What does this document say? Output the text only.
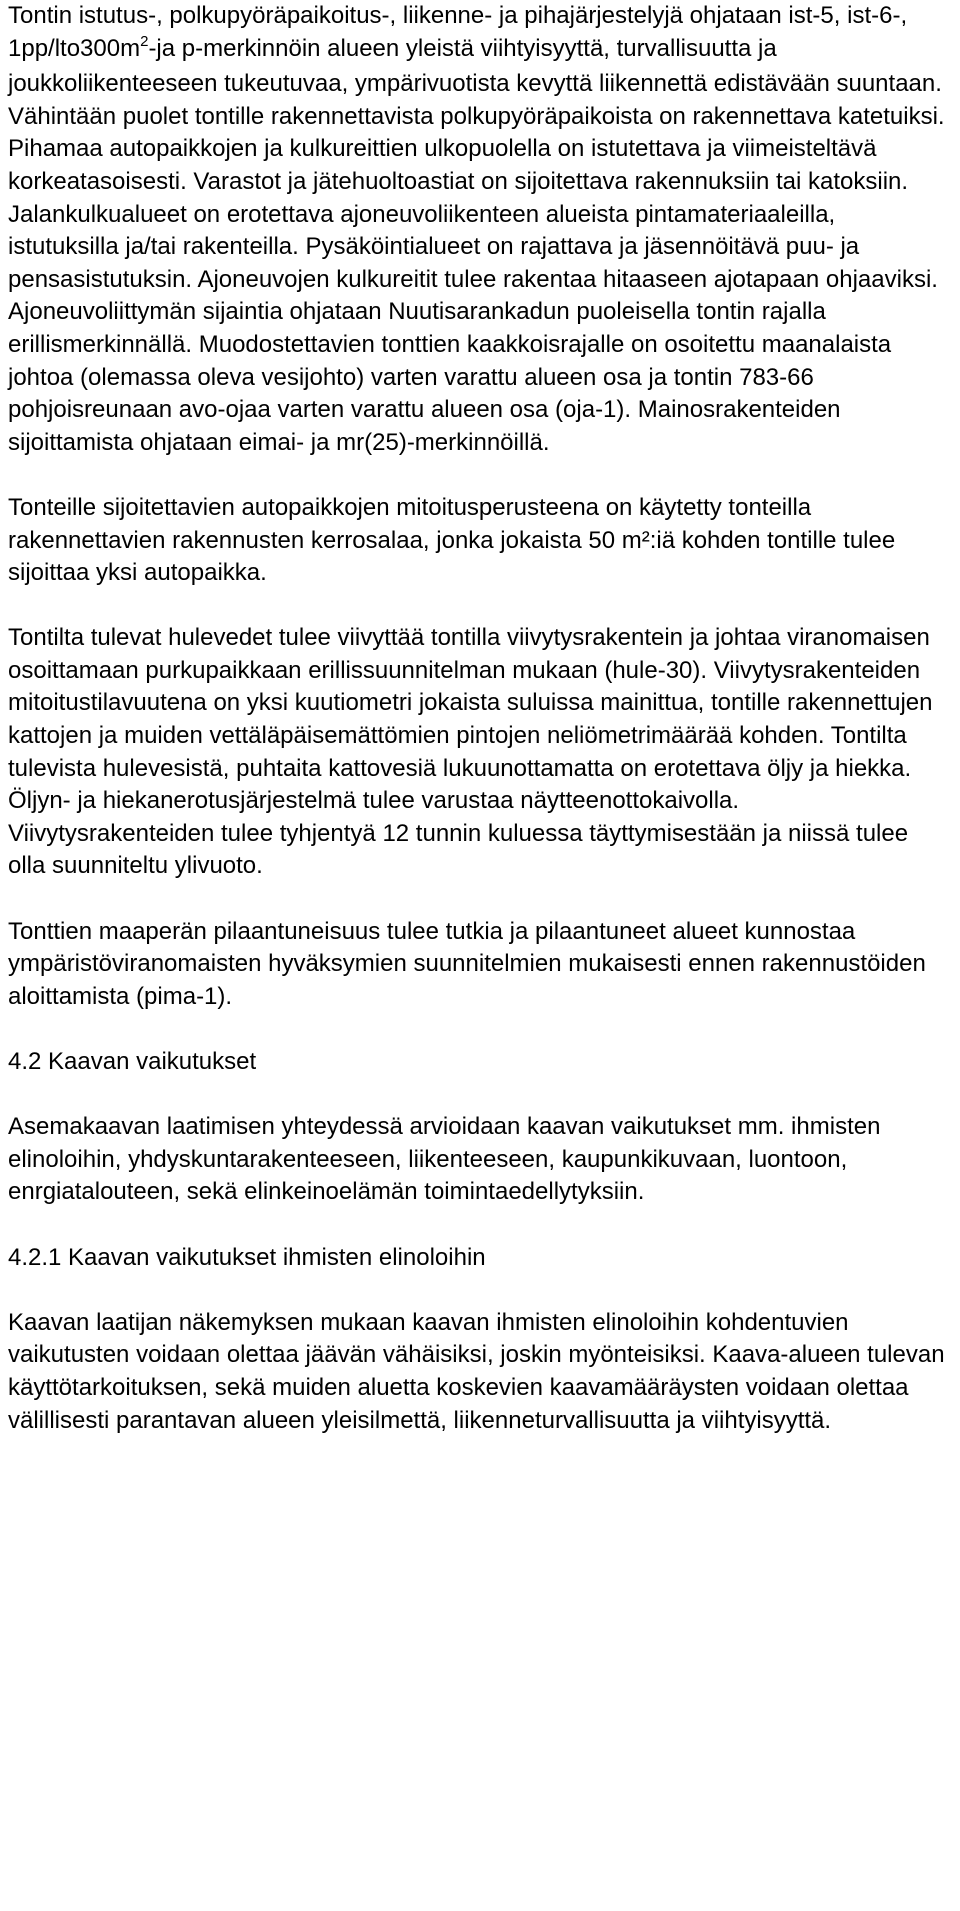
Tontin istutus-, polkupyöräpaikoitus-, liikenne- ja pihajärjestelyjä ohjataan ist-5, ist-6-, $1pp/lto300m^2-ja$ p-merkinnöin alueen yleistä viihtyisyyttä, turvallisuutta ja joukkoliikenteeseen tukeutuvaa, ympärivuotista kevyttä liikennettä edistävään suuntaan. Vähintään puolet tontille rakennettavista polkupyöräpaikoista on rakennettava katetuiksi. Pihamaa autopaikkojen ja kulkureittien ulkopuolella on istutettava ja viimeisteltävä korkeatasoisesti. Varastot ja jätehuoltoastiat on sijoitettava rakennuksiin tai katoksiin. Jalankulkualueet on erotettava ajoneuvoliikenteen alueista pintamateriaaleilla, istutuksilla ja/tai rakenteilla. Pysäköintialueet on rajattava ja jäsennöitävä puu- ja pensasistutuksin. Ajoneuvojen kulkureitit tulee rakentaa hitaaseen ajotapaan ohjaaviksi. Ajoneuvoliittymän sijaintia ohjataan Nuutisarankadun puoleisella tontin rajalla erillismerkinnällä. Muodostettavien tonttien kaakkoisrajalle on osoitettu maanalaista johtoa (olemassa oleva vesijohto) varten varattu alueen osa ja tontin 783-66 pohjoisreunaan avo-ojaa varten varattu alueen osa (oja-1). Mainosrakenteiden sijoittamista ohjataan eimai- ja mr(25)-merkinnöillä.

Tonteille sijoitettavien autopaikkojen mitoitusperusteena on käytetty tonteilla rakennettavien rakennusten kerrosalaa, jonka jokaista 50 m²:iä kohden tontille tulee sijoittaa yksi autopaikka.

Tontilta tulevat hulevedet tulee viivyttää tontilla viivytysrakentein ja johtaa viranomaisen osoittamaan purkupaikkaan erillissuunnitelman mukaan (hule-30). Viivytysrakenteiden mitoitustilavuutena on yksi kuutiometri jokaista suluissa mainittua, tontille rakennettujen kattojen ja muiden vettäläpäisemättömien pintojen neliömetrimäärää kohden. Tontilta tulevista hulevesistä, puhtaita kattovesiä lukuunottamatta on erotettava öljy ja hiekka. Öljyn- ja hiekanerotusjärjestelmä tulee varustaa näytteenottokaivolla. Viivytysrakenteiden tulee tyhjentyä 12 tunnin kuluessa täyttymisestään ja niissä tulee olla suunniteltu ylivuoto.

Tonttien maaperän pilaantuneisuus tulee tutkia ja pilaantuneet alueet kunnostaa ympäristöviranomaisten hyväksymien suunnitelmien mukaisesti ennen rakennustöiden aloittamista (pima-1).

4.2 Kaavan vaikutukset

Asemakaavan laatimisen yhteydessä arvioidaan kaavan vaikutukset mm. ihmisten elinoloihin, yhdyskuntarakenteeseen, liikenteeseen, kaupunkikuvaan, luontoon, enrgiatalouteen, sekä elinkeinoelämän toimintaedellytyksiin.

4.2.1 Kaavan vaikutukset ihmisten elinoloihin

Kaavan laatijan näkemyksen mukaan kaavan ihmisten elinoloihin kohdentuvien vaikutusten voidaan olettaa jäävän vähäisiksi, joskin myönteisiksi. Kaava-alueen tulevan käyttötarkoituksen, sekä muiden aluetta koskevien kaavamääräysten voidaan olettaa välillisesti parantavan alueen yleisilmettä, liikenneturvallisuutta ja viihtyisyyttä.
